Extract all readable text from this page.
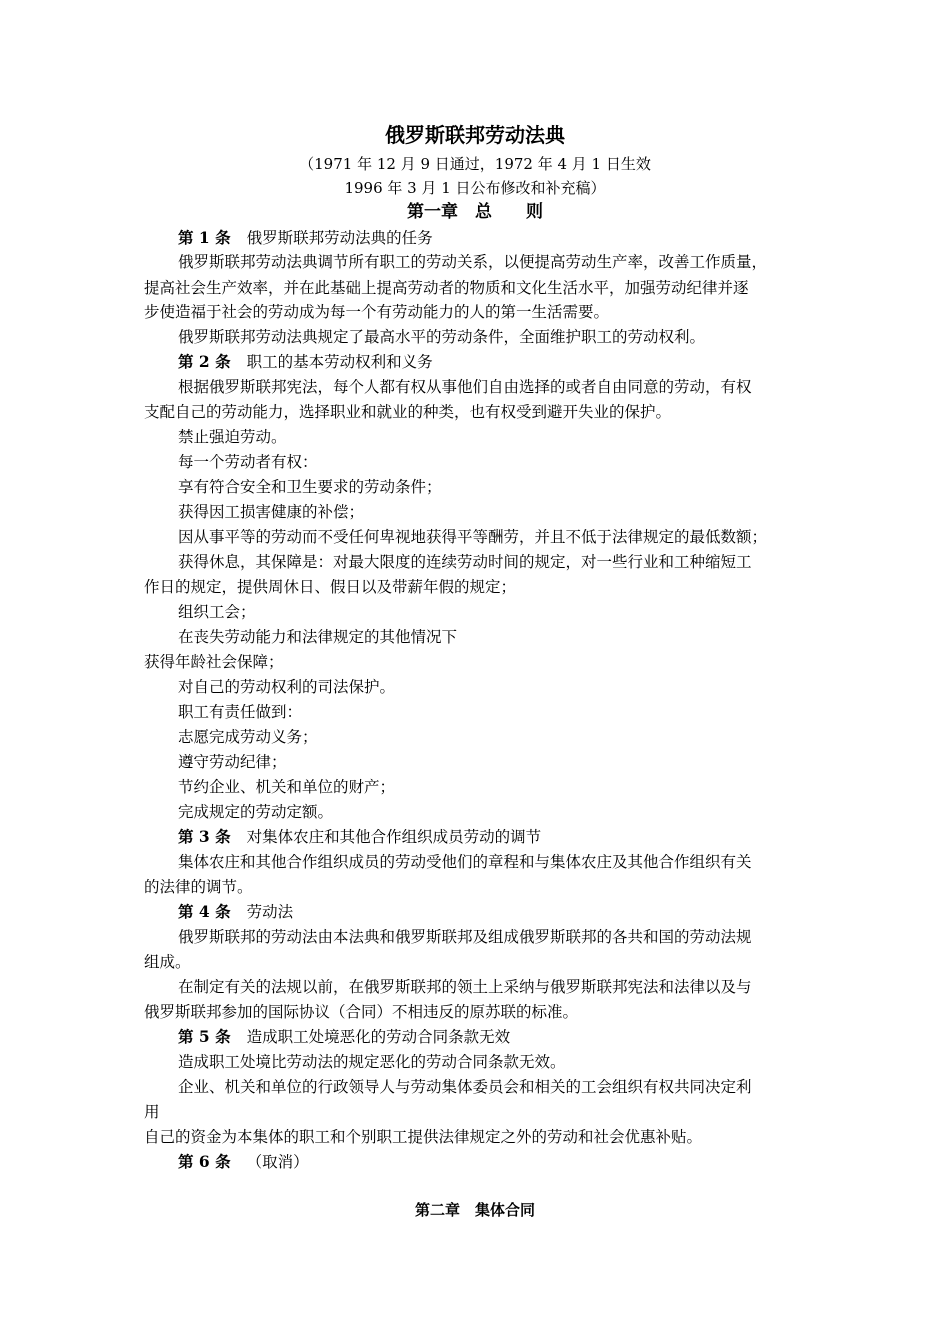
俄罗斯联邦劳动法典
（1971 年 12 月 9 日通过，1972 年 4 月 1 日生效
1996 年 3 月 1 日公布修改和补充稿）
第一章　总　　则
第 1 条 俄罗斯联邦劳动法典的任务
俄罗斯联邦劳动法典调节所有职工的劳动关系，以便提高劳动生产率，改善工作质量，
提高社会生产效率，并在此基础上提高劳动者的物质和文化生活水平，加强劳动纪律并逐
步使造福于社会的劳动成为每一个有劳动能力的人的第一生活需要。
俄罗斯联邦劳动法典规定了最高水平的劳动条件，全面维护职工的劳动权利。
第 2 条 职工的基本劳动权利和义务
根据俄罗斯联邦宪法，每个人都有权从事他们自由选择的或者自由同意的劳动，有权
支配自己的劳动能力，选择职业和就业的种类，也有权受到避开失业的保护。
禁止强迫劳动。
每一个劳动者有权：
享有符合安全和卫生要求的劳动条件；
获得因工损害健康的补偿；
因从事平等的劳动而不受任何卑视地获得平等酬劳，并且不低于法律规定的最低数额；
获得休息，其保障是：对最大限度的连续劳动时间的规定，对一些行业和工种缩短工
作日的规定，提供周休日、假日以及带薪年假的规定；
组织工会；
在丧失劳动能力和法律规定的其他情况下
获得年龄社会保障；
对自己的劳动权利的司法保护。
职工有责任做到：
志愿完成劳动义务；
遵守劳动纪律；
节约企业、机关和单位的财产；
完成规定的劳动定额。
第 3 条 对集体农庄和其他合作组织成员劳动的调节
集体农庄和其他合作组织成员的劳动受他们的章程和与集体农庄及其他合作组织有关
的法律的调节。
第 4 条 劳动法
俄罗斯联邦的劳动法由本法典和俄罗斯联邦及组成俄罗斯联邦的各共和国的劳动法规
组成。
在制定有关的法规以前，在俄罗斯联邦的领土上采纳与俄罗斯联邦宪法和法律以及与
俄罗斯联邦参加的国际协议（合同）不相违反的原苏联的标准。
第 5 条 造成职工处境恶化的劳动合同条款无效
造成职工处境比劳动法的规定恶化的劳动合同条款无效。
企业、机关和单位的行政领导人与劳动集体委员会和相关的工会组织有权共同决定利
用
自己的资金为本集体的职工和个别职工提供法律规定之外的劳动和社会优惠补贴。
第 6 条 （取消）
第二章　集体合同
